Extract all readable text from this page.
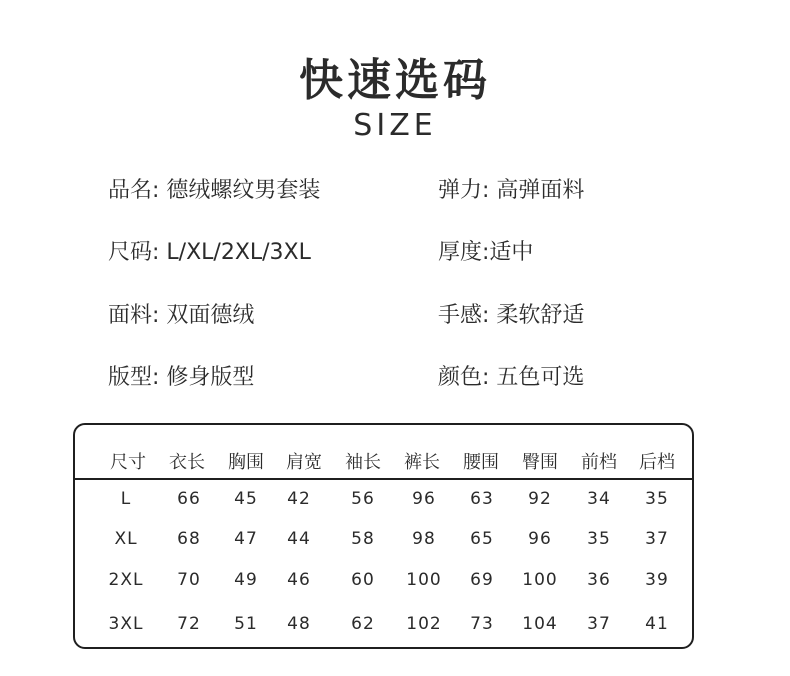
快速选码
SIZE
品名: 德绒螺纹男套装	弹力: 高弹面料
尺码: L/XL/2XL/3XL	厚度:适中
面料: 双面德绒	手感: 柔软舒适
版型: 修身版型	颜色: 五色可选
尺寸	衣长	胸围	肩宽	袖长	裤长	腰围	臀围	前档	后档
L	66	45	42	56	96	63	92	34	35
XL	68	47	44	58	98	65	96	35	37
2XL	70	49	46	60	100	69	100	36	39
3XL	72	51	48	62	102	73	104	37	41
